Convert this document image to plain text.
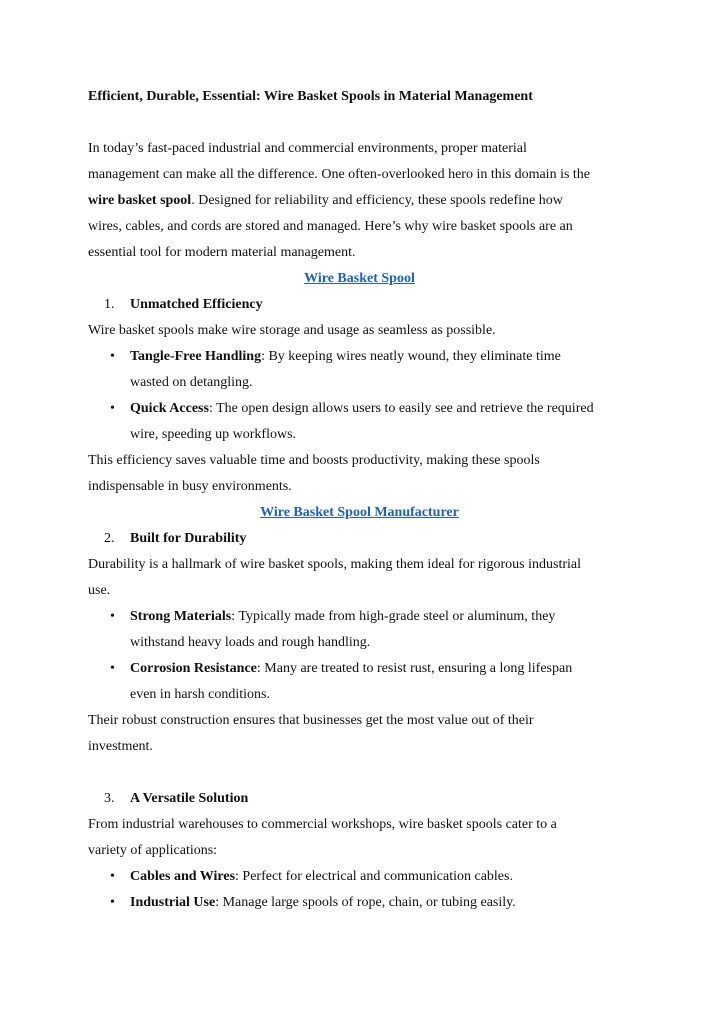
Efficient, Durable, Essential: Wire Basket Spools in Material Management
In today’s fast-paced industrial and commercial environments, proper material
management can make all the difference. One often-overlooked hero in this domain is the
wire basket spool. Designed for reliability and efficiency, these spools redefine how
wires, cables, and cords are stored and managed. Here’s why wire basket spools are an
essential tool for modern material management.
Wire Basket Spool
1.	Unmatched Efficiency
Wire basket spools make wire storage and usage as seamless as possible.
•	Tangle-Free Handling: By keeping wires neatly wound, they eliminate time
wasted on detangling.
•	Quick Access: The open design allows users to easily see and retrieve the required
wire, speeding up workflows.
This efficiency saves valuable time and boosts productivity, making these spools
indispensable in busy environments.
Wire Basket Spool Manufacturer
2.	Built for Durability
Durability is a hallmark of wire basket spools, making them ideal for rigorous industrial
use.
•	Strong Materials: Typically made from high-grade steel or aluminum, they
withstand heavy loads and rough handling.
•	Corrosion Resistance: Many are treated to resist rust, ensuring a long lifespan
even in harsh conditions.
Their robust construction ensures that businesses get the most value out of their
investment.
3.	A Versatile Solution
From industrial warehouses to commercial workshops, wire basket spools cater to a
variety of applications:
•	Cables and Wires: Perfect for electrical and communication cables.
•	Industrial Use: Manage large spools of rope, chain, or tubing easily.
